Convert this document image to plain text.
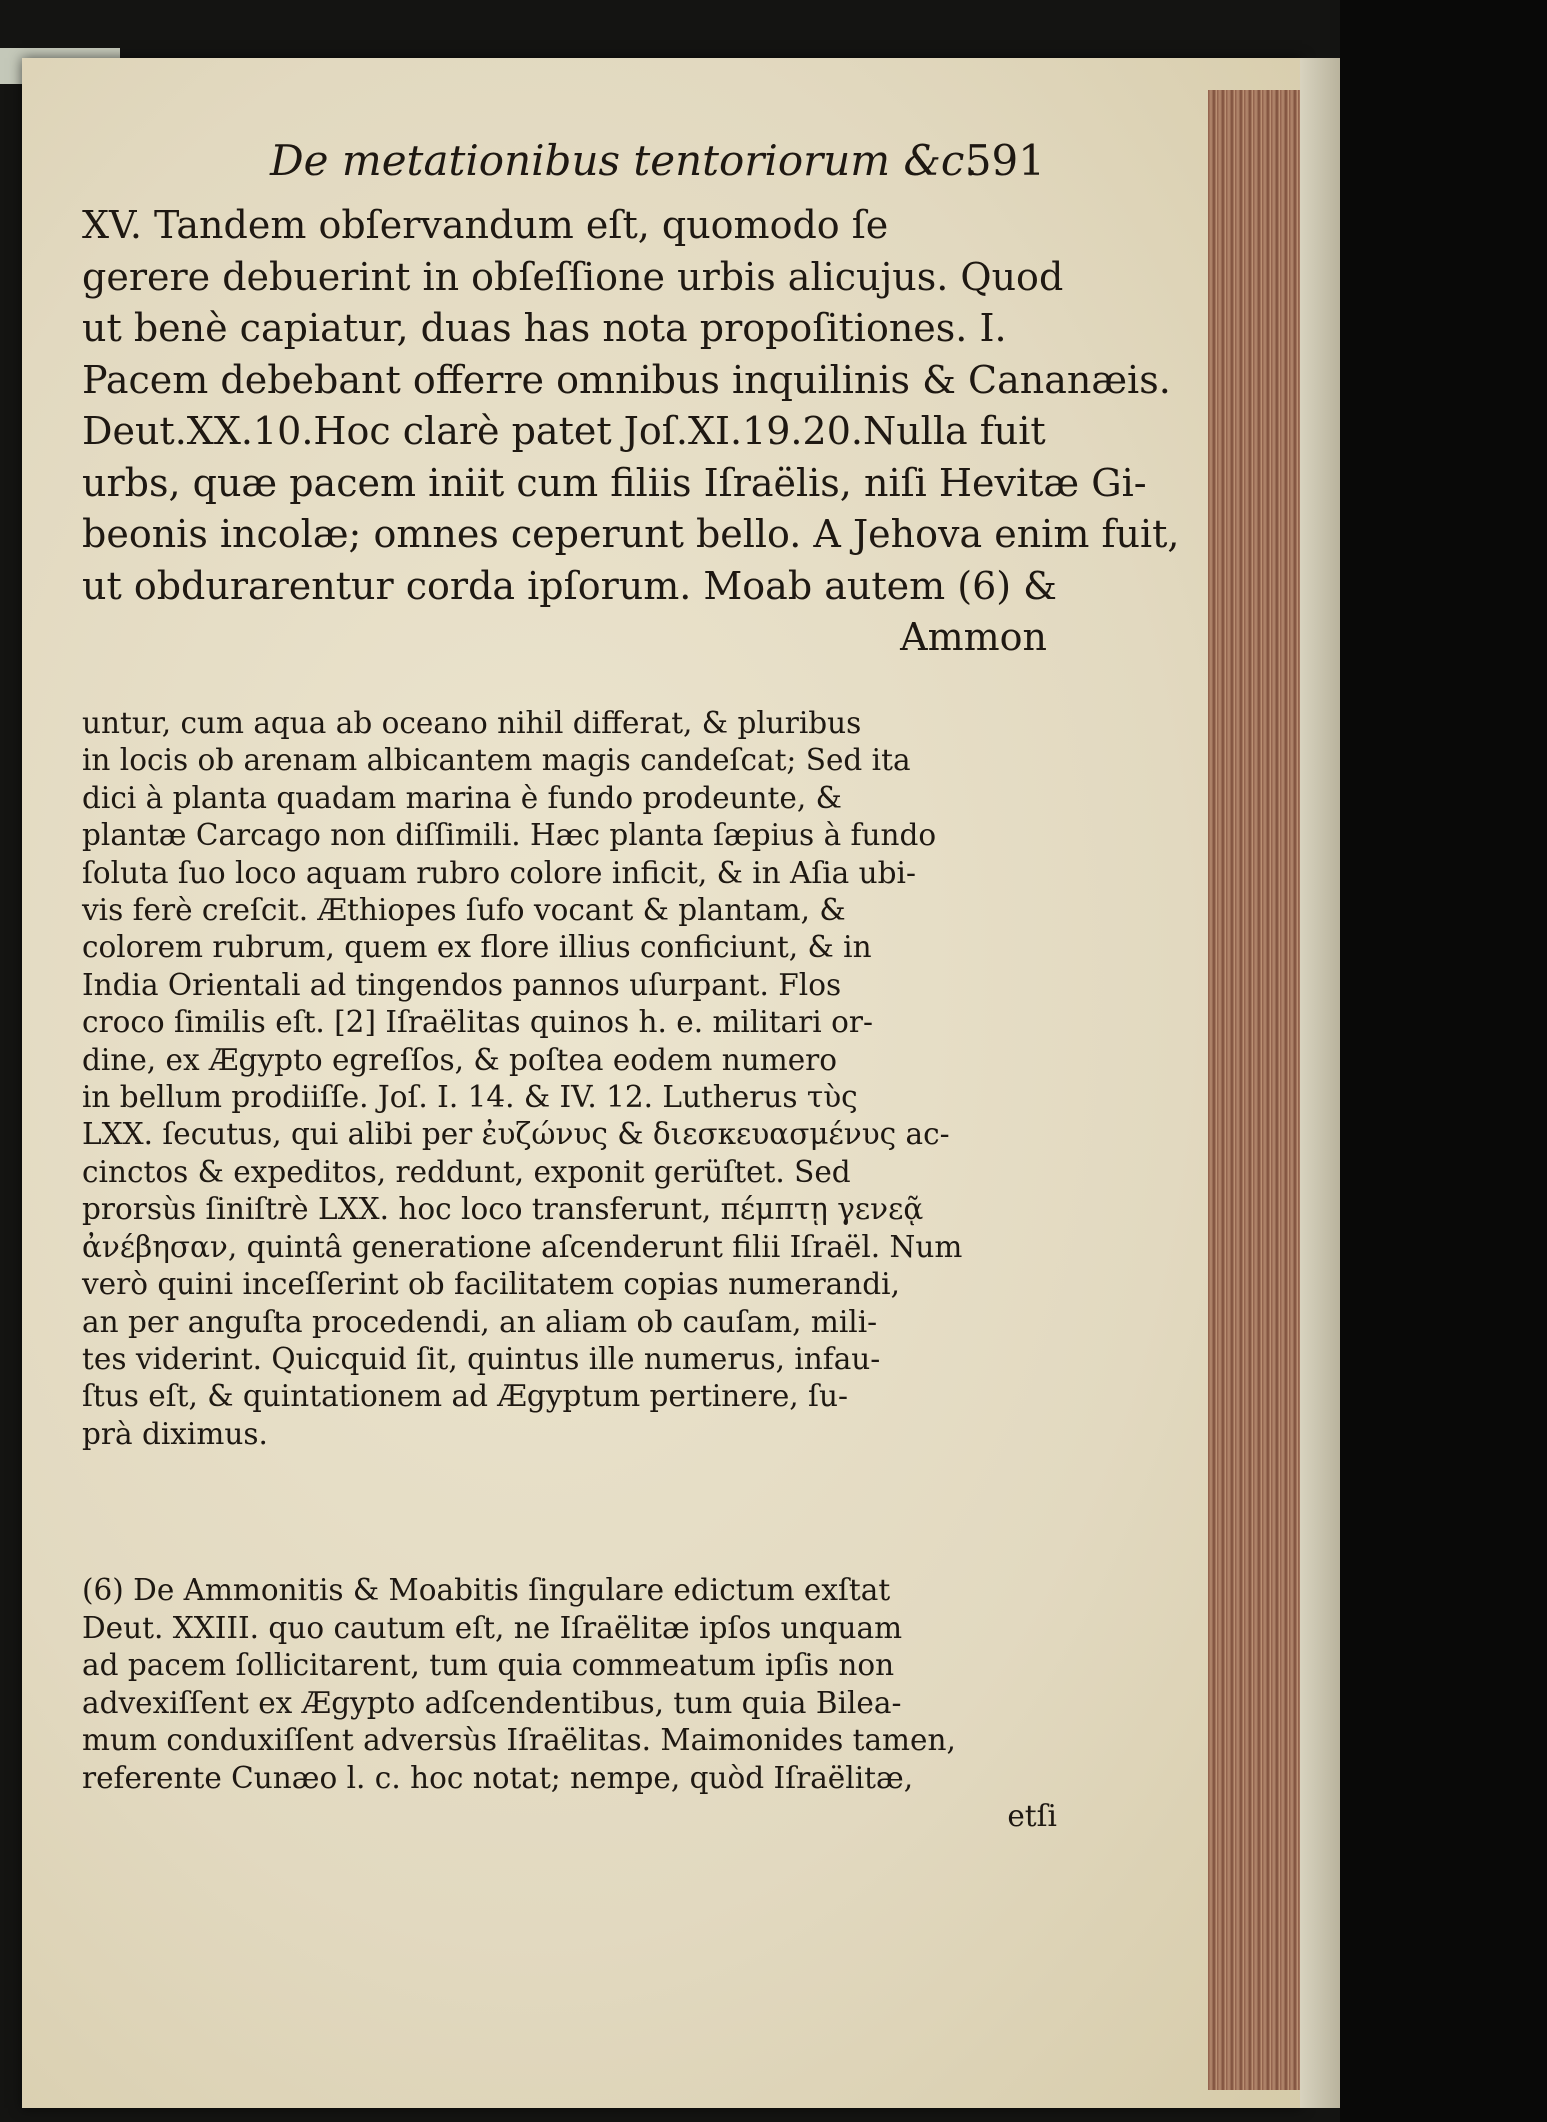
De metationibus tentoriorum &c.
591
XV. Tandem obſervandum eſt, quomodo ſe
gerere debuerint in obſeſſione urbis alicujus. Quod
ut benè capiatur, duas has nota propoſitiones. I.
Pacem debebant offerre omnibus inquilinis & Cananæis.
Deut.XX.10.Hoc clarè patet Joſ.XI.19.20.Nulla fuit
urbs, quæ pacem iniit cum filiis Iſraëlis, niſi Hevitæ Gi-
beonis incolæ; omnes ceperunt bello. A Jehova enim fuit,
ut obdurarentur corda ipſorum. Moab autem (6) &
Ammon
untur, cum aqua ab oceano nihil differat, & pluribus
in locis ob arenam albicantem magis candeſcat; Sed ita
dici à planta quadam marina è fundo prodeunte, &
plantæ Carcago non diſſimili. Hæc planta ſæpius à fundo
ſoluta ſuo loco aquam rubro colore inficit, & in Aſia ubi-
vis ferè creſcit. Æthiopes ſufo vocant & plantam, &
colorem rubrum, quem ex flore illius conficiunt, & in
India Orientali ad tingendos pannos uſurpant. Flos
croco ſimilis eſt. [2] Iſraëlitas quinos h. e. militari or-
dine, ex Ægypto egreſſos, & poſtea eodem numero
in bellum prodiiſſe. Joſ. I. 14. & IV. 12. Lutherus τὺς
LXX. ſecutus, qui alibi per ἐυζώνυς & διεσκευασμένυς ac-
cinctos & expeditos, reddunt, exponit gerüſtet. Sed
prorsùs ſiniſtrè LXX. hoc loco transferunt, πέμπτῃ γενεᾷ
ἀνέβησαν, quintâ generatione aſcenderunt filii Iſraël. Num
verò quini inceſſerint ob facilitatem copias numerandi,
an per anguſta procedendi, an aliam ob cauſam, mili-
tes viderint. Quicquid ſit, quintus ille numerus, infau-
ſtus eſt, & quintationem ad Ægyptum pertinere, ſu-
prà diximus.
(6) De Ammonitis & Moabitis ſingulare edictum exſtat
Deut. XXIII. quo cautum eſt, ne Iſraëlitæ ipſos unquam
ad pacem ſollicitarent, tum quia commeatum ipſis non
advexiſſent ex Ægypto adſcendentibus, tum quia Bilea-
mum conduxiſſent adversùs Iſraëlitas. Maimonides tamen,
referente Cunæo l. c. hoc notat; nempe, quòd Iſraëlitæ,
etſi
